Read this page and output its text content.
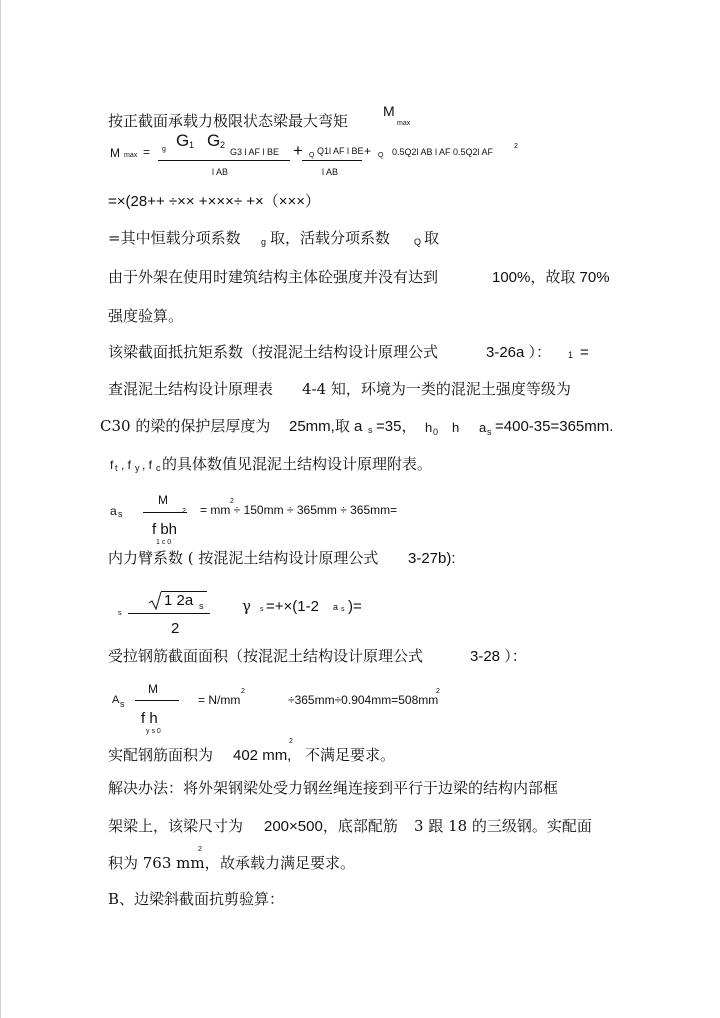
按正截面承载力极限状态梁最大弯矩
M
max
M max = g G 1 G 2
G3 l AF l BE + Q Q1l AF l BE + Q 0.5Q2l AB l AF 0.5Q2l AF
2
l AB	l AB
=×(28++ ÷×× +×××÷ +×（×××）
=其中恒载分项系数 g 取，活载分项系数	Q 取
由于外架在使用时建筑结构主体砼强度并没有达到	100%，故取 70%
强度验算。
该梁截面抵抗矩系数（按混泥土结构设计原理公式	3-26a ）： 1 =
查混泥土结构设计原理表 4-4 知，环境为一类的混泥土强度等级为
C30 的梁的保护层厚度为 25mm,取 a s =35， h 0 h a s =400-35=365mm.
f t , f y , f c 的具体数值见混泥土结构设计原理附表。
a s
M
2
f bh
1 c 0
2
= mm ÷ 150mm ÷ 365mm ÷ 365mm=
内力臂系数 ( 按混泥土结构设计原理公式 3-27b):
s
1 2a s
2
γ s =+×(1-2 a s )=
受拉钢筋截面面积（按混泥土结构设计原理公式	3-28 ）：
A s
M
f h
y s 0
= N/mm
2
÷365mm÷0.904mm=508mm
2
实配钢筋面积为 402 mm,
2
不满足要求。
解决办法：将外架钢梁处受力钢丝绳连接到平行于边梁的结构内部框
架梁上，该梁尺寸为 200×500，底部配筋 3 跟 18 的三级钢。实配面
积为 763 mm，
2
故承载力满足要求。
B、边梁斜截面抗剪验算：
